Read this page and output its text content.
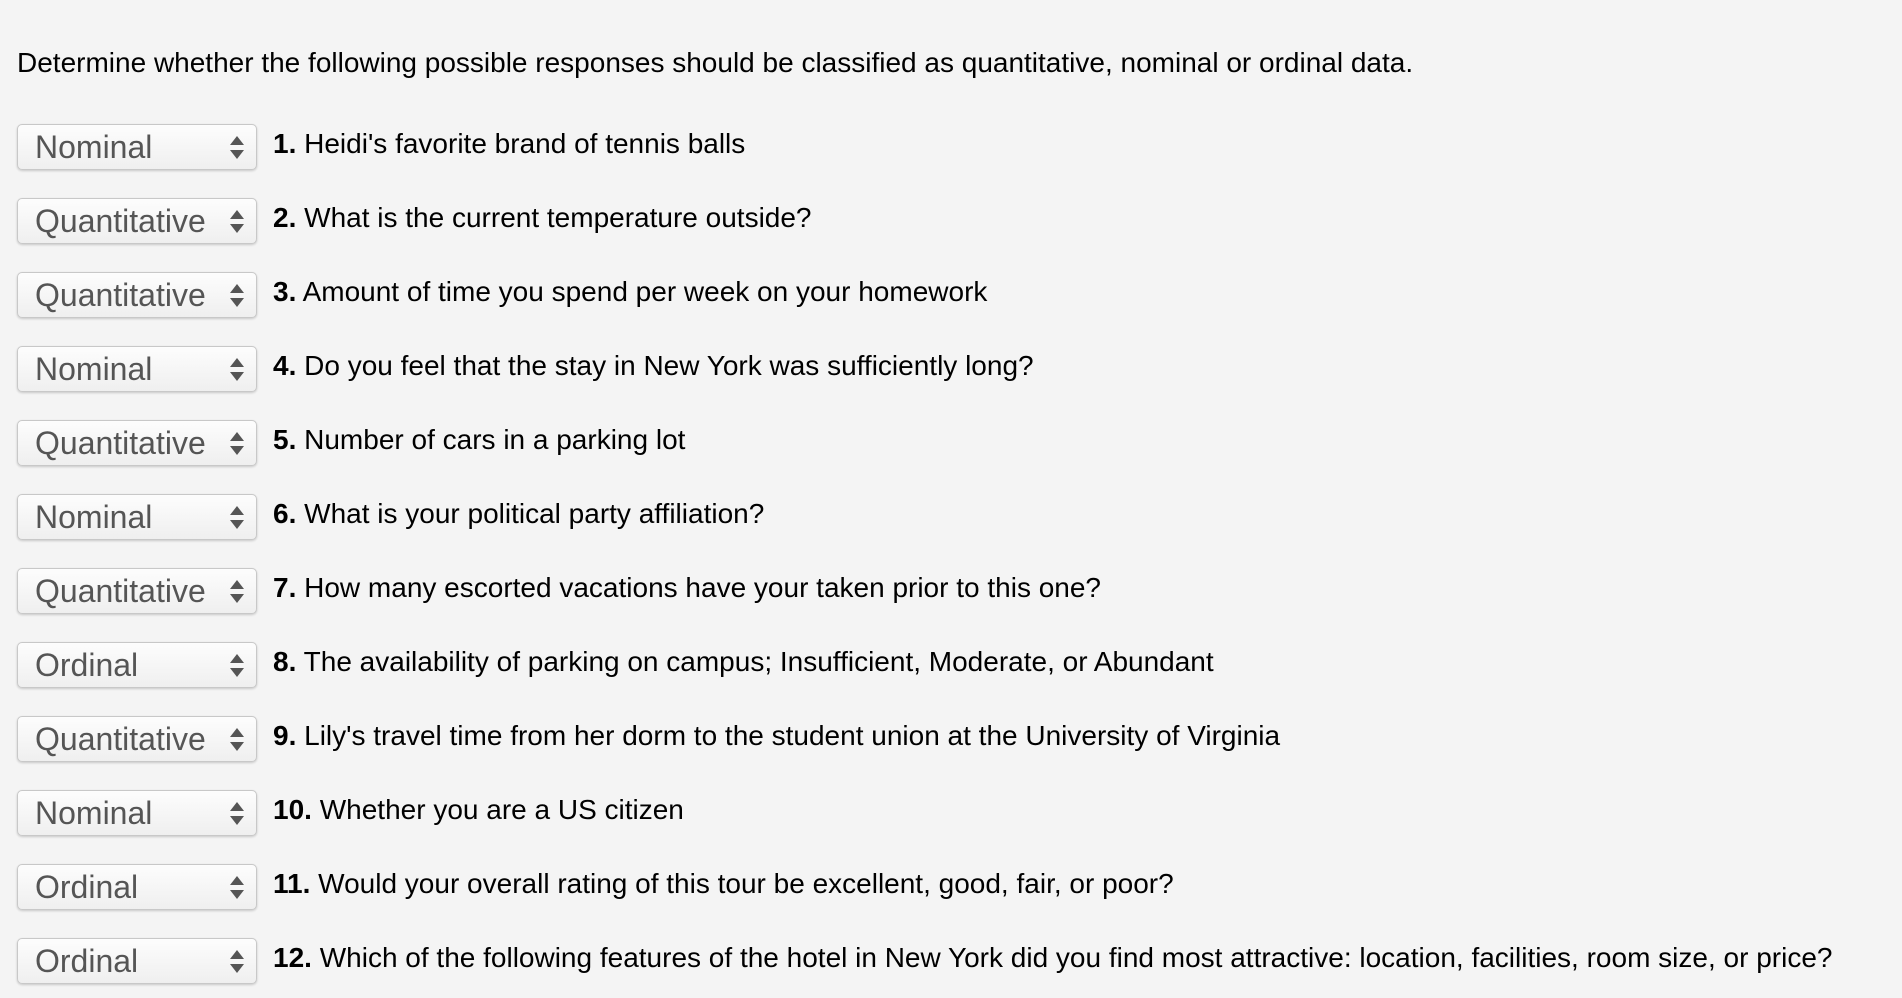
Determine whether the following possible responses should be classified as quantitative, nominal or ordinal data.
Nominal	1. Heidi's favorite brand of tennis balls
Quantitative 2. What is the current temperature outside?
Quantitative 3. Amount of time you spend per week on your homework
Nominal	4. Do you feel that the stay in New York was sufficiently long?
Quantitative 5. Number of cars in a parking lot
Nominal	6. What is your political party affiliation?
Quantitative 7. How many escorted vacations have your taken prior to this one?
Ordinal	8. The availability of parking on campus; Insufficient, Moderate, or Abundant
Quantitative 9. Lily's travel time from her dorm to the student union at the University of Virginia
Nominal	10. Whether you are a US citizen
Ordinal	11. Would your overall rating of this tour be excellent, good, fair, or poor?
Ordinal	12. Which of the following features of the hotel in New York did you find most attractive: location, facilities, room size, or price?
